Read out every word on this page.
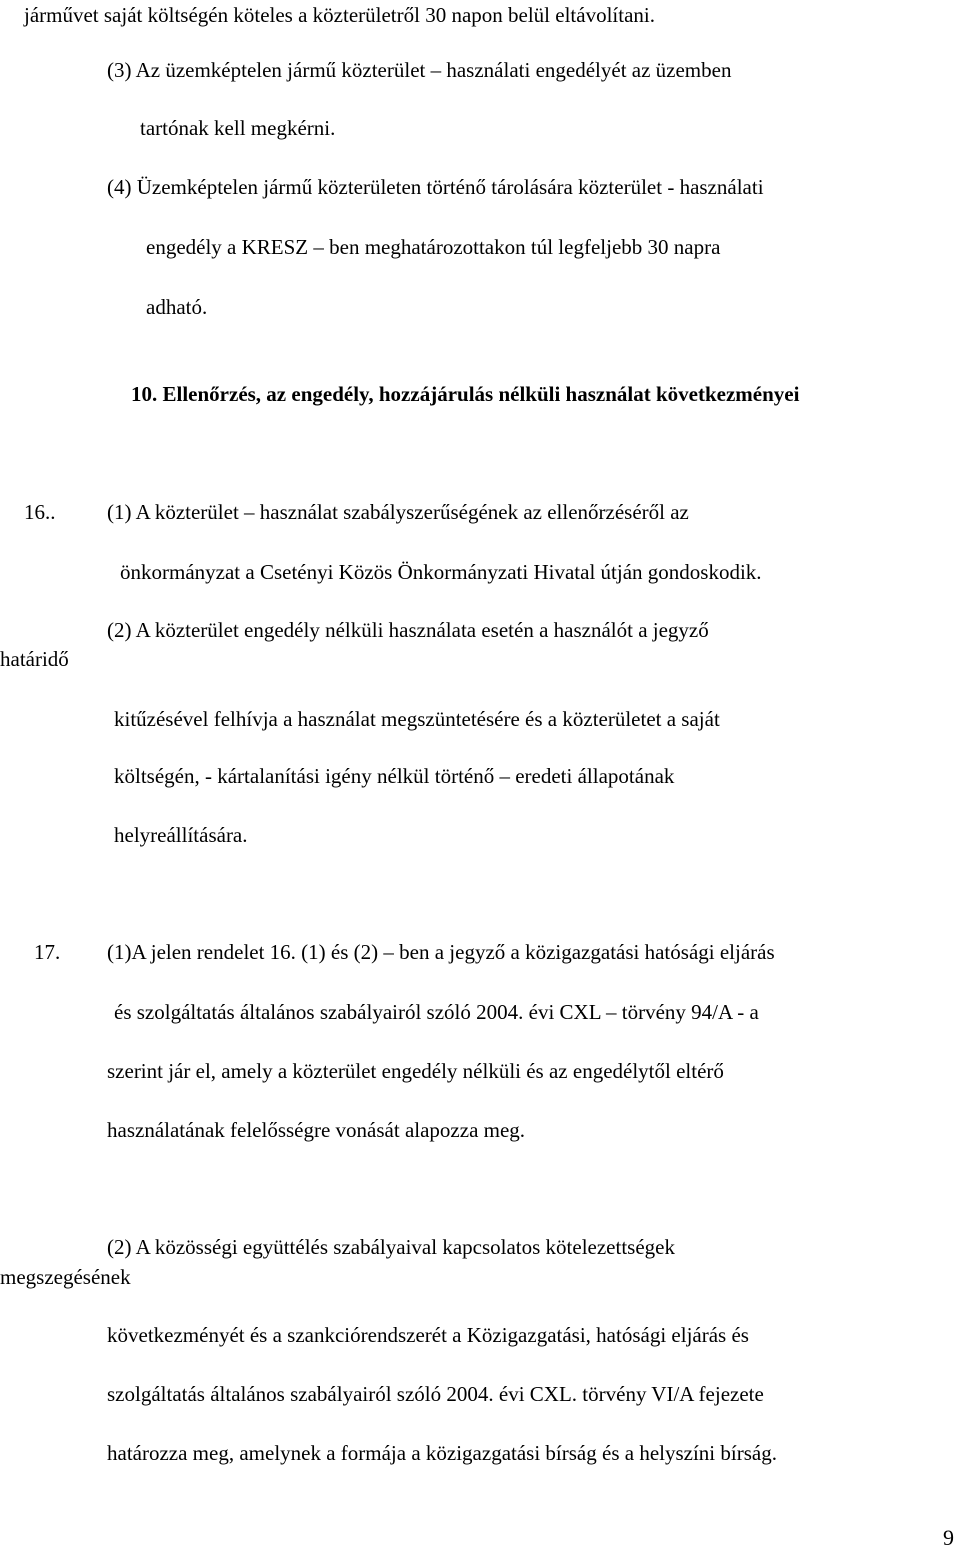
járművet saját költségén köteles a közterületről 30 napon belül eltávolítani.

(3) Az üzemképtelen jármű közterület – használati engedélyét az üzemben

tartónak kell megkérni.

(4) Üzemképtelen jármű közterületen történő tárolására közterület - használati

engedély a KRESZ – ben meghatározottakon túl legfeljebb 30 napra

adható.

10. Ellenőrzés, az engedély, hozzájárulás nélküli használat következményei

16.. (1) A közterület – használat szabályszerűségének az ellenőrzéséről az

önkormányzat a Csetényi Közös Önkormányzati Hivatal útján gondoskodik.

(2) A közterület engedély nélküli használata esetén a használót a jegyző

határidő

kitűzésével felhívja a használat megszüntetésére és a közterületet a saját

költségén, - kártalanítási igény nélkül történő – eredeti állapotának

helyreállítására.

17. (1)A jelen rendelet 16. (1) és (2) – ben a jegyző a közigazgatási hatósági eljárás

és szolgáltatás általános szabályairól szóló 2004. évi CXL – törvény 94/A - a

szerint jár el, amely a közterület engedély nélküli és az engedélytől eltérő

használatának felelősségre vonását alapozza meg.

(2) A közösségi együttélés szabályaival kapcsolatos kötelezettségek

megszegésének

következményét és a szankciórendszerét a Közigazgatási, hatósági eljárás és

szolgáltatás általános szabályairól szóló 2004. évi CXL. törvény VI/A fejezete

határozza meg, amelynek a formája a közigazgatási bírság és a helyszíni bírság.

9
